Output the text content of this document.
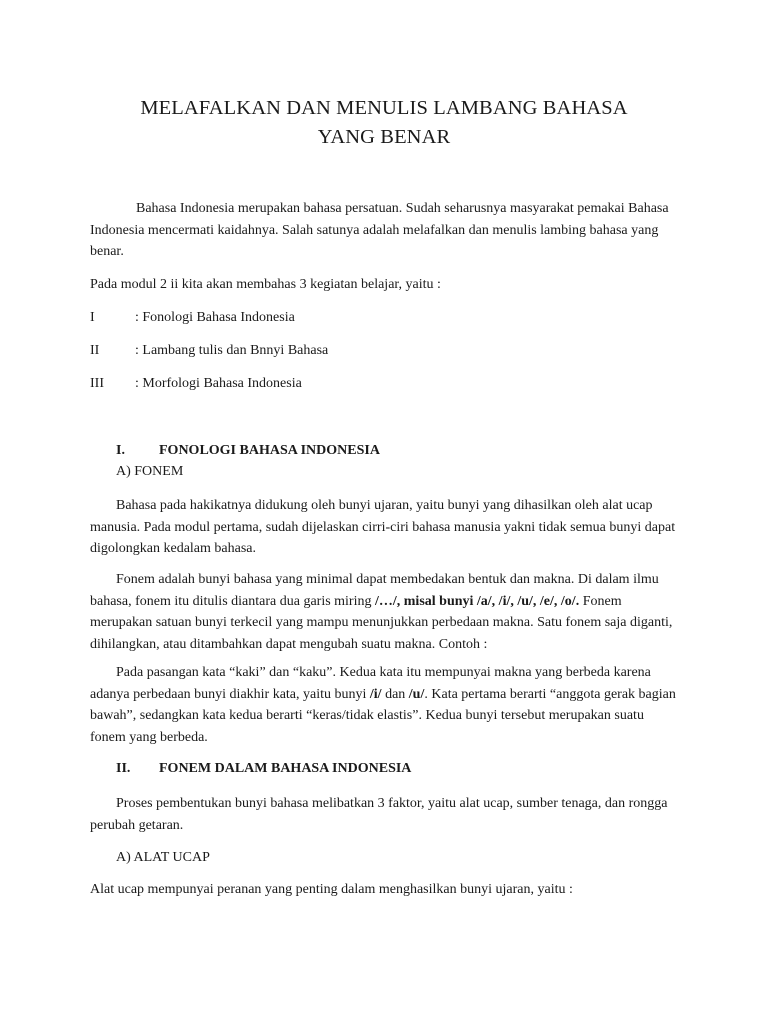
MELAFALKAN DAN MENULIS LAMBANG BAHASA
YANG BENAR

Bahasa Indonesia merupakan bahasa persatuan. Sudah seharusnya masyarakat pemakai Bahasa Indonesia mencermati kaidahnya. Salah satunya adalah melafalkan dan menulis lambing bahasa yang benar.

Pada modul 2 ii kita akan membahas 3 kegiatan belajar, yaitu :

I	: Fonologi Bahasa Indonesia
II	: Lambang tulis dan Bnnyi Bahasa
III : Morfologi Bahasa Indonesia
I. FONOLOGI BAHASA INDONESIA
A) FONEM

Bahasa pada hakikatnya didukung oleh bunyi ujaran, yaitu bunyi yang dihasilkan oleh alat ucap manusia. Pada modul pertama, sudah dijelaskan cirri-ciri bahasa manusia yakni tidak semua bunyi dapat digolongkan kedalam bahasa.

Fonem adalah bunyi bahasa yang minimal dapat membedakan bentuk dan makna. Di dalam ilmu bahasa, fonem itu ditulis diantara dua garis miring /…/, misal bunyi /a/, /i/, /u/, /e/, /o/. Fonem merupakan satuan bunyi terkecil yang mampu menunjukkan perbedaan makna. Satu fonem saja diganti, dihilangkan, atau ditambahkan dapat mengubah suatu makna. Contoh :

Pada pasangan kata “kaki” dan “kaku”. Kedua kata itu mempunyai makna yang berbeda karena adanya perbedaan bunyi diakhir kata, yaitu bunyi /i/ dan /u/. Kata pertama berarti “anggota gerak bagian bawah”, sedangkan kata kedua berarti “keras/tidak elastis”. Kedua bunyi tersebut merupakan suatu fonem yang berbeda.

II. FONEM DALAM BAHASA INDONESIA

Proses pembentukan bunyi bahasa melibatkan 3 faktor, yaitu alat ucap, sumber tenaga, dan rongga perubah getaran.

A) ALAT UCAP

Alat ucap mempunyai peranan yang penting dalam menghasilkan bunyi ujaran, yaitu :
